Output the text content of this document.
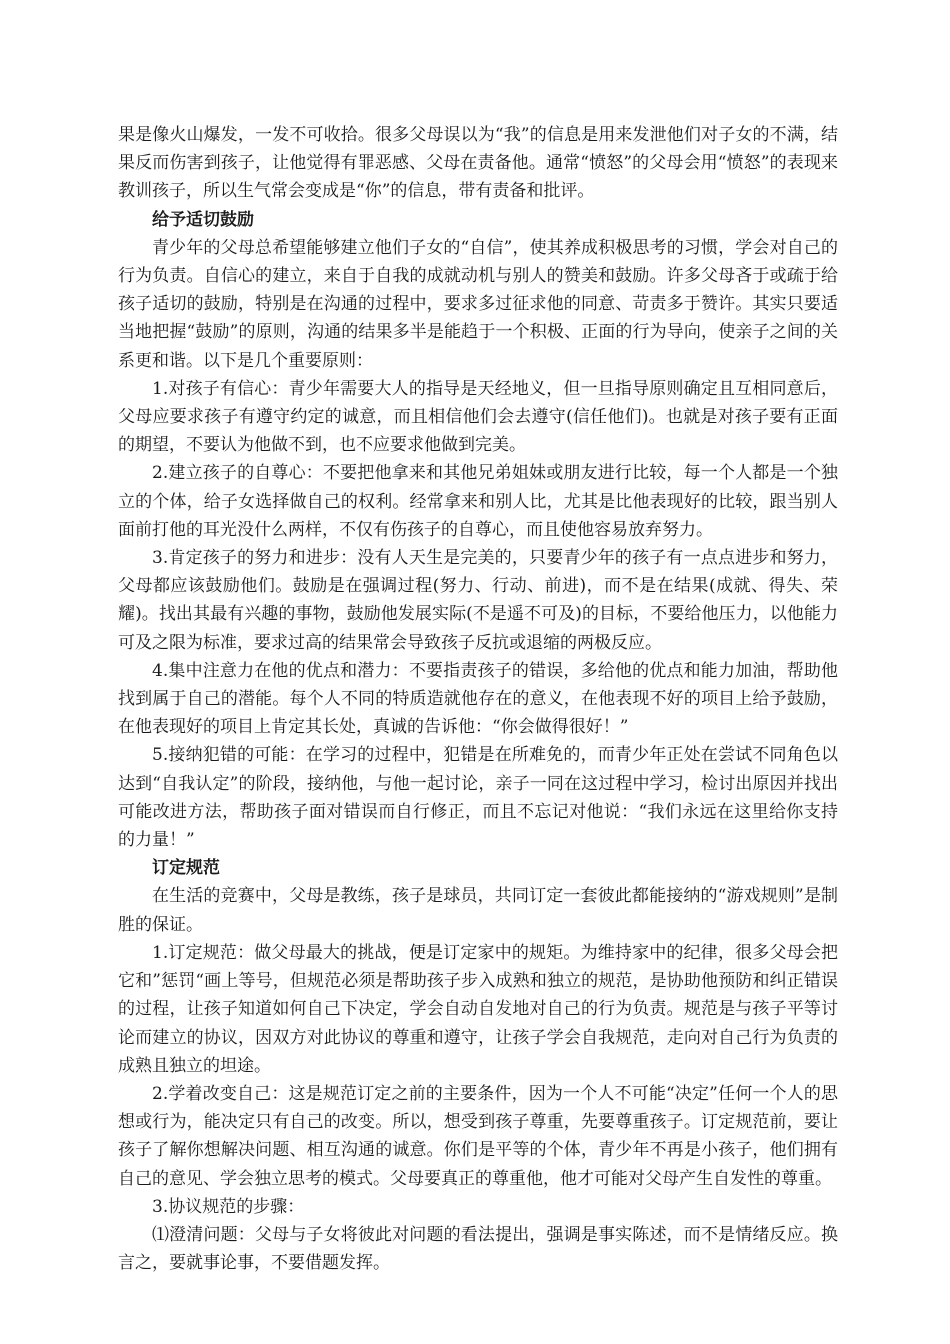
果是像火山爆发，一发不可收拾。很多父母误以为“我”的信息是用来发泄他们对子女的不满，结果反而伤害到孩子，让他觉得有罪恶感、父母在责备他。通常“愤怒”的父母会用“愤怒”的表现来教训孩子，所以生气常会变成是“你”的信息，带有责备和批评。

给予适切鼓励

青少年的父母总希望能够建立他们子女的“自信”，使其养成积极思考的习惯，学会对自己的行为负责。自信心的建立，来自于自我的成就动机与别人的赞美和鼓励。许多父母吝于或疏于给孩子适切的鼓励，特别是在沟通的过程中，要求多过征求他的同意、苛责多于赞许。其实只要适当地把握“鼓励”的原则，沟通的结果多半是能趋于一个积极、正面的行为导向，使亲子之间的关系更和谐。以下是几个重要原则：

1.对孩子有信心：青少年需要大人的指导是天经地义，但一旦指导原则确定且互相同意后，父母应要求孩子有遵守约定的诚意，而且相信他们会去遵守(信任他们)。也就是对孩子要有正面的期望，不要认为他做不到，也不应要求他做到完美。

2.建立孩子的自尊心：不要把他拿来和其他兄弟姐妹或朋友进行比较，每一个人都是一个独立的个体，给子女选择做自己的权利。经常拿来和别人比，尤其是比他表现好的比较，跟当别人面前打他的耳光没什么两样，不仅有伤孩子的自尊心，而且使他容易放弃努力。

3.肯定孩子的努力和进步：没有人天生是完美的，只要青少年的孩子有一点点进步和努力，父母都应该鼓励他们。鼓励是在强调过程(努力、行动、前进)，而不是在结果(成就、得失、荣耀)。找出其最有兴趣的事物，鼓励他发展实际(不是遥不可及)的目标，不要给他压力，以他能力可及之限为标准，要求过高的结果常会导致孩子反抗或退缩的两极反应。

4.集中注意力在他的优点和潜力：不要指责孩子的错误，多给他的优点和能力加油，帮助他找到属于自己的潜能。每个人不同的特质造就他存在的意义，在他表现不好的项目上给予鼓励，在他表现好的项目上肯定其长处，真诚的告诉他：“你会做得很好！”

5.接纳犯错的可能：在学习的过程中，犯错是在所难免的，而青少年正处在尝试不同角色以达到“自我认定”的阶段，接纳他，与他一起讨论，亲子一同在这过程中学习，检讨出原因并找出可能改进方法，帮助孩子面对错误而自行修正，而且不忘记对他说：“我们永远在这里给你支持的力量！”

订定规范

在生活的竞赛中，父母是教练，孩子是球员，共同订定一套彼此都能接纳的“游戏规则”是制胜的保证。

1.订定规范：做父母最大的挑战，便是订定家中的规矩。为维持家中的纪律，很多父母会把它和”惩罚“画上等号，但规范必须是帮助孩子步入成熟和独立的规范，是协助他预防和纠正错误的过程，让孩子知道如何自己下决定，学会自动自发地对自己的行为负责。规范是与孩子平等讨论而建立的协议，因双方对此协议的尊重和遵守，让孩子学会自我规范，走向对自己行为负责的成熟且独立的坦途。

2.学着改变自己：这是规范订定之前的主要条件，因为一个人不可能“决定”任何一个人的思想或行为，能决定只有自己的改变。所以，想受到孩子尊重，先要尊重孩子。订定规范前，要让孩子了解你想解决问题、相互沟通的诚意。你们是平等的个体，青少年不再是小孩子，他们拥有自己的意见、学会独立思考的模式。父母要真正的尊重他，他才可能对父母产生自发性的尊重。

3.协议规范的步骤：

⑴澄清问题：父母与子女将彼此对问题的看法提出，强调是事实陈述，而不是情绪反应。换言之，要就事论事，不要借题发挥。
